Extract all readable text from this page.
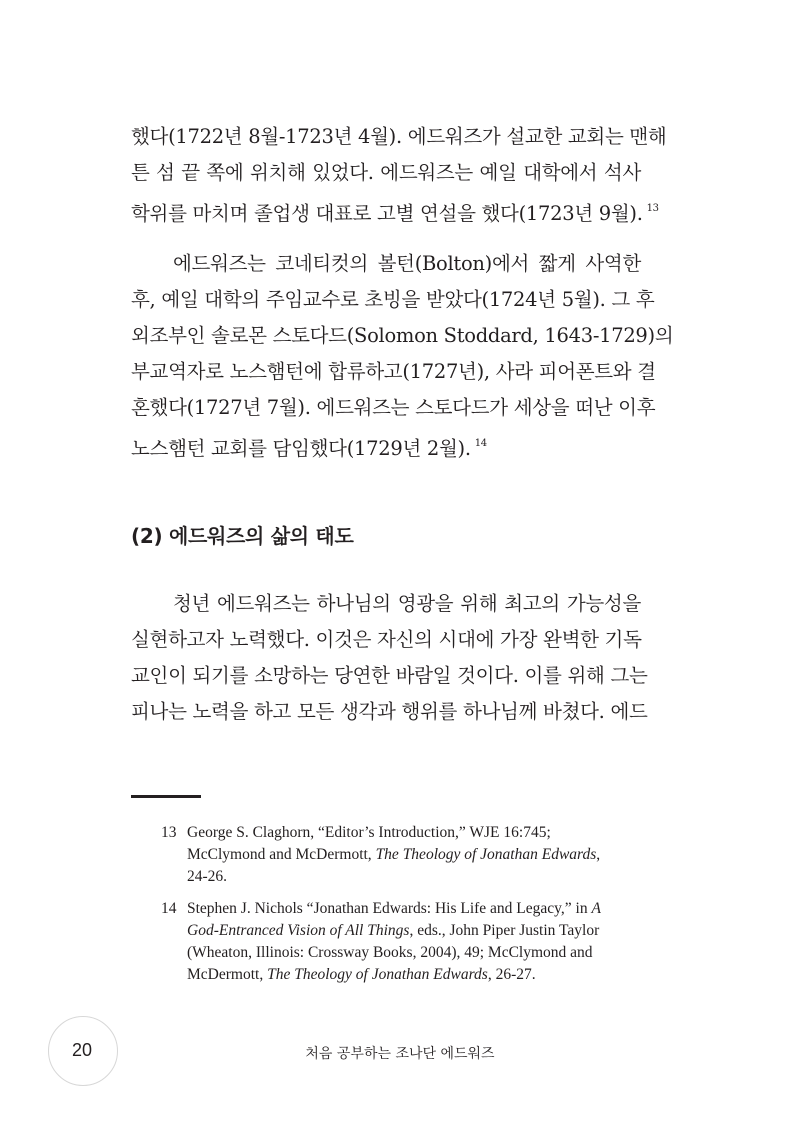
했다(1722년 8월-1723년 4월). 에드워즈가 설교한 교회는 맨해
튼 섬 끝 쪽에 위치해 있었다. 에드워즈는 예일 대학에서 석사
학위를 마치며 졸업생 대표로 고별 연설을 했다(1723년 9월). $^{13}$
에드워즈는 코네티컷의 볼턴(Bolton)에서 짧게 사역한
후, 예일 대학의 주임교수로 초빙을 받았다(1724년 5월). 그 후
외조부인 솔로몬 스토다드(Solomon Stoddard, 1643-1729)의
부교역자로 노스햄턴에 합류하고(1727년), 사라 피어폰트와 결
혼했다(1727년 7월). 에드워즈는 스토다드가 세상을 떠난 이후
노스햄턴 교회를 담임했다(1729년 2월). $^{14}$
(2) 에드워즈의 삶의 태도
청년 에드워즈는 하나님의 영광을 위해 최고의 가능성을
실현하고자 노력했다. 이것은 자신의 시대에 가장 완벽한 기독
교인이 되기를 소망하는 당연한 바람일 것이다. 이를 위해 그는
피나는 노력을 하고 모든 생각과 행위를 하나님께 바쳤다. 에드
13 George S. Claghorn, “Editor’s Introduction,” WJE 16:745;
McClymond and McDermott, The Theology of Jonathan Edwards,
24-26.
14 Stephen J. Nichols “Jonathan Edwards: His Life and Legacy,” in A
God-Entranced Vision of All Things, eds., John Piper Justin Taylor
(Wheaton, Illinois: Crossway Books, 2004), 49; McClymond and
McDermott, The Theology of Jonathan Edwards, 26-27.
20	처음 공부하는 조나단 에드워즈
